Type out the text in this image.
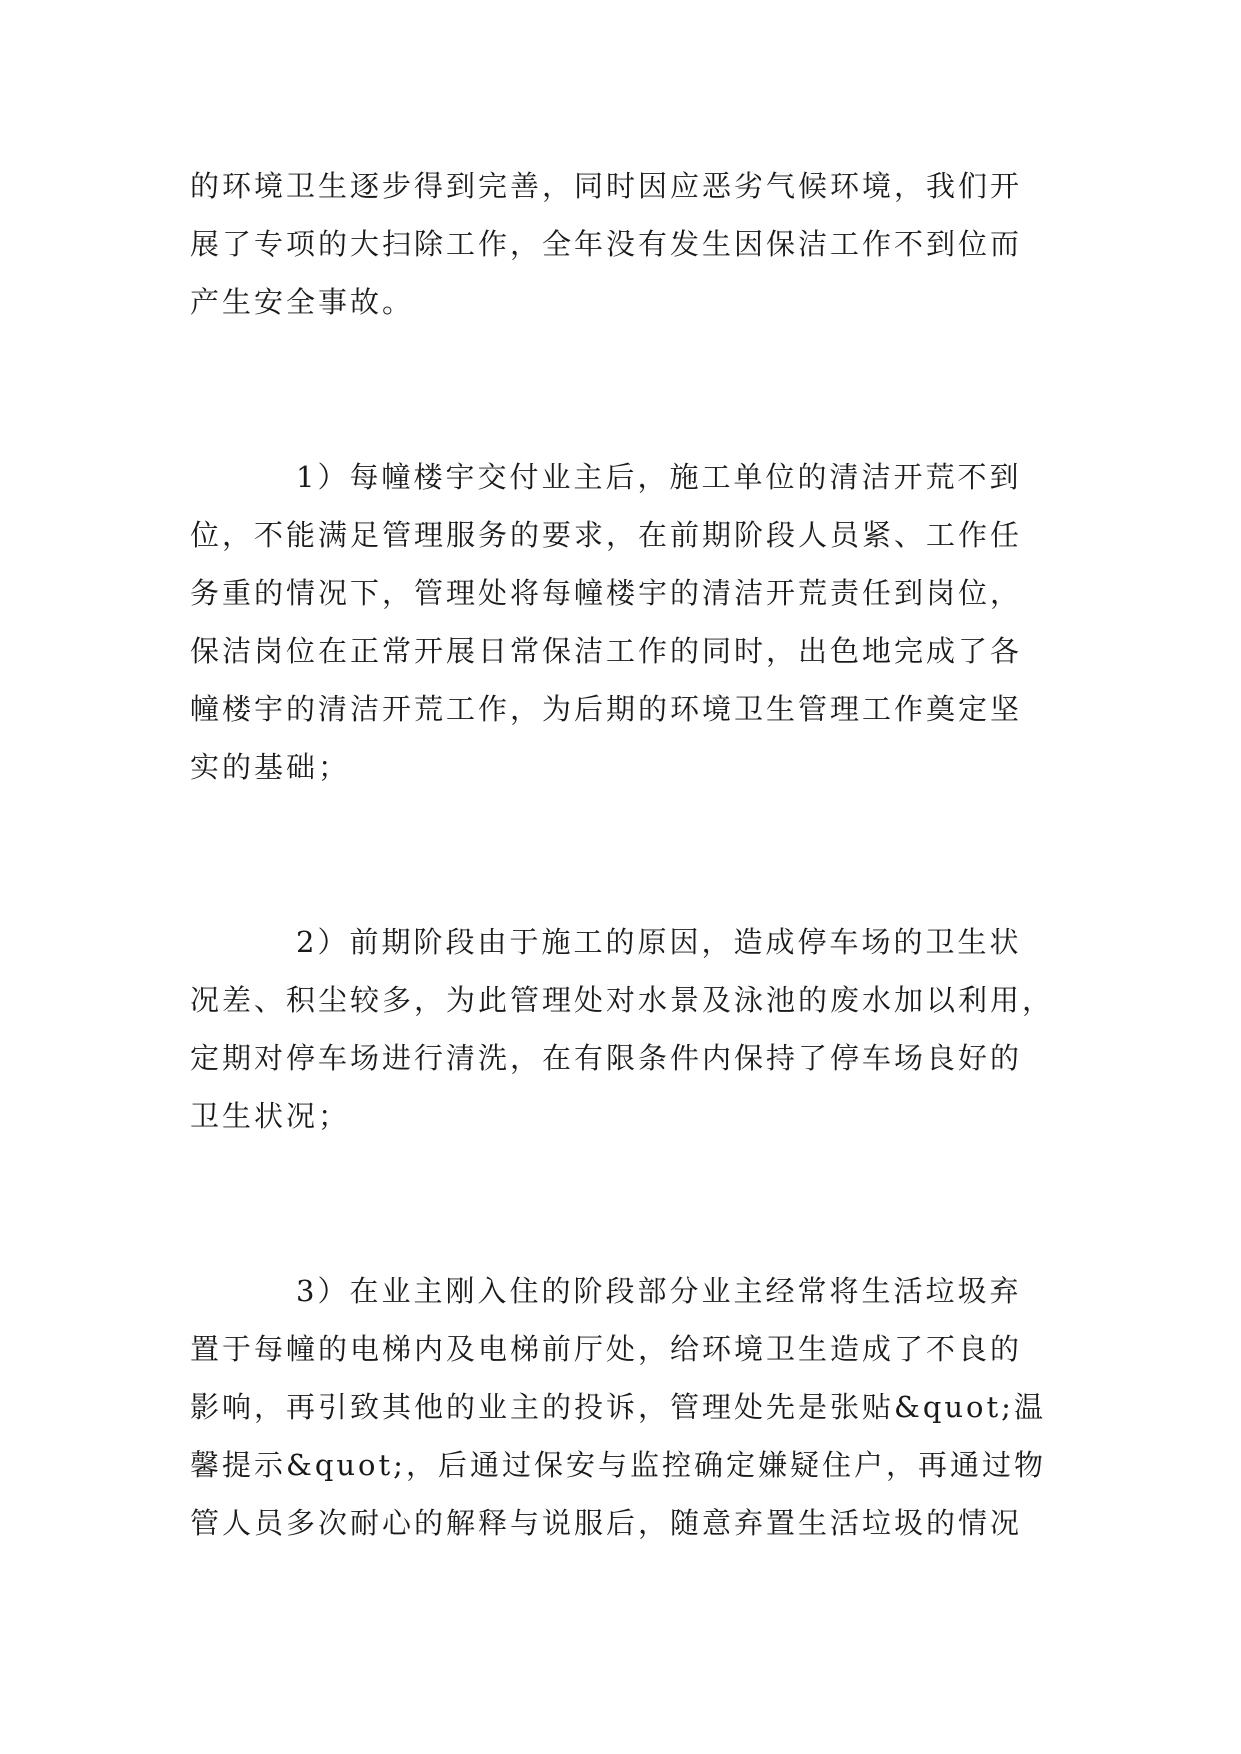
的环境卫生逐步得到完善，同时因应恶劣气候环境，我们开
展了专项的大扫除工作，全年没有发生因保洁工作不到位而
产生安全事故。
1）每幢楼宇交付业主后，施工单位的清洁开荒不到
位，不能满足管理服务的要求，在前期阶段人员紧、工作任
务重的情况下，管理处将每幢楼宇的清洁开荒责任到岗位，
保洁岗位在正常开展日常保洁工作的同时，出色地完成了各
幢楼宇的清洁开荒工作，为后期的环境卫生管理工作奠定坚
实的基础；
2）前期阶段由于施工的原因，造成停车场的卫生状
况差、积尘较多，为此管理处对水景及泳池的废水加以利用，
定期对停车场进行清洗，在有限条件内保持了停车场良好的
卫生状况；
3）在业主刚入住的阶段部分业主经常将生活垃圾弃
置于每幢的电梯内及电梯前厅处，给环境卫生造成了不良的
影响，再引致其他的业主的投诉，管理处先是张贴&quot;温
馨提示&quot;，后通过保安与监控确定嫌疑住户，再通过物
管人员多次耐心的解释与说服后，随意弃置生活垃圾的情况
